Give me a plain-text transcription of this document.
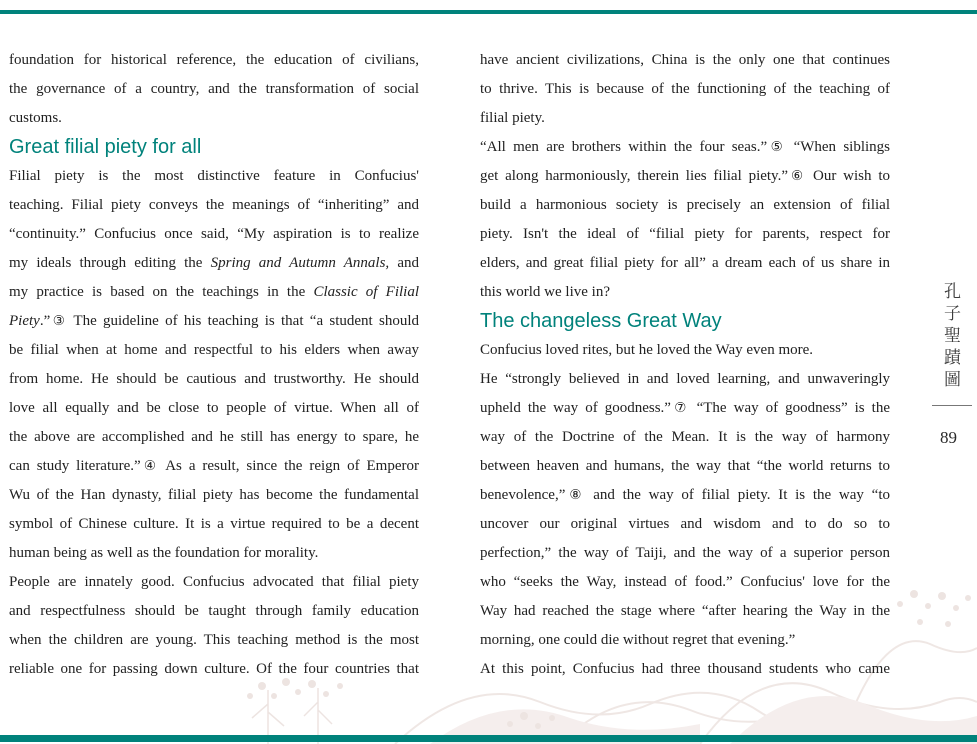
foundation for historical reference, the education of civilians,
the governance of a country, and the transformation of social
customs.
Great filial piety for all
Filial piety is the most distinctive feature in Confucius'
teaching. Filial piety conveys the meanings of “inheriting” and
“continuity.” Confucius once said, “My aspiration is to realize
my ideals through editing the Spring and Autumn Annals, and
my practice is based on the teachings in the Classic of Filial
Piety.”③ The guideline of his teaching is that “a student should
be filial when at home and respectful to his elders when away
from home. He should be cautious and trustworthy. He should
love all equally and be close to people of virtue. When all of
the above are accomplished and he still has energy to spare, he
can study literature.”④ As a result, since the reign of Emperor
Wu of the Han dynasty, filial piety has become the fundamental
symbol of Chinese culture. It is a virtue required to be a decent
human being as well as the foundation for morality.
People are innately good. Confucius advocated that filial piety
and respectfulness should be taught through family education
when the children are young. This teaching method is the most
reliable one for passing down culture. Of the four countries that
have ancient civilizations, China is the only one that continues
to thrive. This is because of the functioning of the teaching of
filial piety.
“All men are brothers within the four seas.”⑤ “When siblings
get along harmoniously, therein lies filial piety.”⑥ Our wish to
build a harmonious society is precisely an extension of filial
piety. Isn't the ideal of “filial piety for parents, respect for
elders, and great filial piety for all” a dream each of us share in
this world we live in?
The changeless Great Way
Confucius loved rites, but he loved the Way even more.
He “strongly believed in and loved learning, and unwaveringly
upheld the way of goodness.”⑦ “The way of goodness” is the
way of the Doctrine of the Mean. It is the way of harmony
between heaven and humans, the way that “the world returns to
benevolence,”⑧ and the way of filial piety. It is the way “to
uncover our original virtues and wisdom and to do so to
perfection,” the way of Taiji, and the way of a superior person
who “seeks the Way, instead of food.” Confucius' love for the
Way had reached the stage where “after hearing the Way in the
morning, one could die without regret that evening.”
At this point, Confucius had three thousand students who came
孔子聖蹟圖
89
